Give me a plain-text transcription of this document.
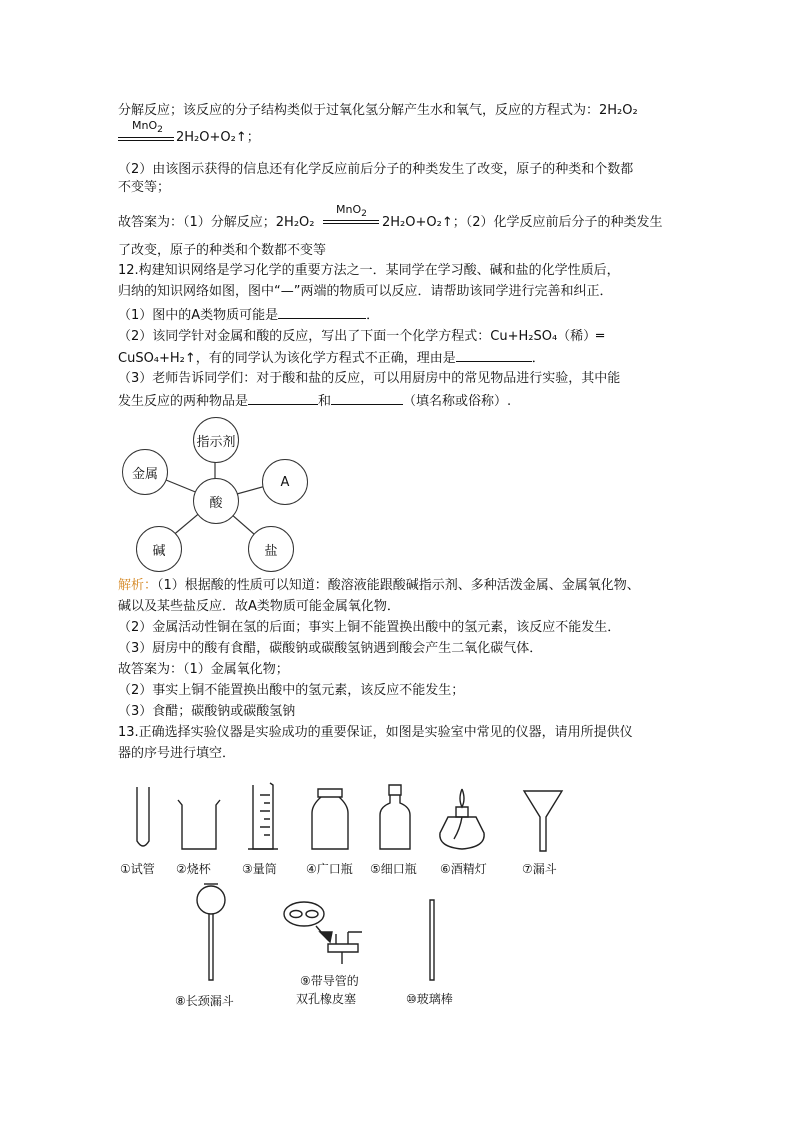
分解反应；该反应的分子结构类似于过氧化氢分解产生水和氧气，反应的方程式为：2H₂O₂
MnO$_2$
2H₂O+O₂↑；
（2）由该图示获得的信息还有化学反应前后分子的种类发生了改变，原子的种类和个数都
不变等；
故答案为：（1）分解反应；2H₂O₂
MnO$_2$
2H₂O+O₂↑；（2）化学反应前后分子的种类发生
了改变，原子的种类和个数都不变等
12.构建知识网络是学习化学的重要方法之一．某同学在学习酸、碱和盐的化学性质后，
归纳的知识网络如图，图中“—”两端的物质可以反应．请帮助该同学进行完善和纠正．
（1）图中的A类物质可能是	．
（2）该同学针对金属和酸的反应，写出了下面一个化学方程式：Cu+H₂SO₄（稀）═
CuSO₄+H₂↑，有的同学认为该化学方程式不正确，理由是	．
（3）老师告诉同学们：对于酸和盐的反应，可以用厨房中的常见物品进行实验，其中能
发生反应的两种物品是	和	（填名称或俗称）.
指示剂
金属
A
酸
碱	盐
解析：（1）根据酸的性质可以知道：酸溶液能跟酸碱指示剂、多种活泼金属、金属氧化物、
碱以及某些盐反应．故A类物质可能金属氧化物．
（2）金属活动性铜在氢的后面；事实上铜不能置换出酸中的氢元素，该反应不能发生．
（3）厨房中的酸有食醋，碳酸钠或碳酸氢钠遇到酸会产生二氧化碳气体．
故答案为：（1）金属氧化物；
（2）事实上铜不能置换出酸中的氢元素，该反应不能发生；
（3）食醋；碳酸钠或碳酸氢钠
13.正确选择实验仪器是实验成功的重要保证，如图是实验室中常见的仪器，请用所提供仪
器的序号进行填空．
①试管 ②烧杯	③量筒 ④广口瓶 ⑤细口瓶 ⑥酒精灯	⑦漏斗
⑧长颈漏斗
⑨带导管的
双孔橡皮塞	⑩玻璃棒
